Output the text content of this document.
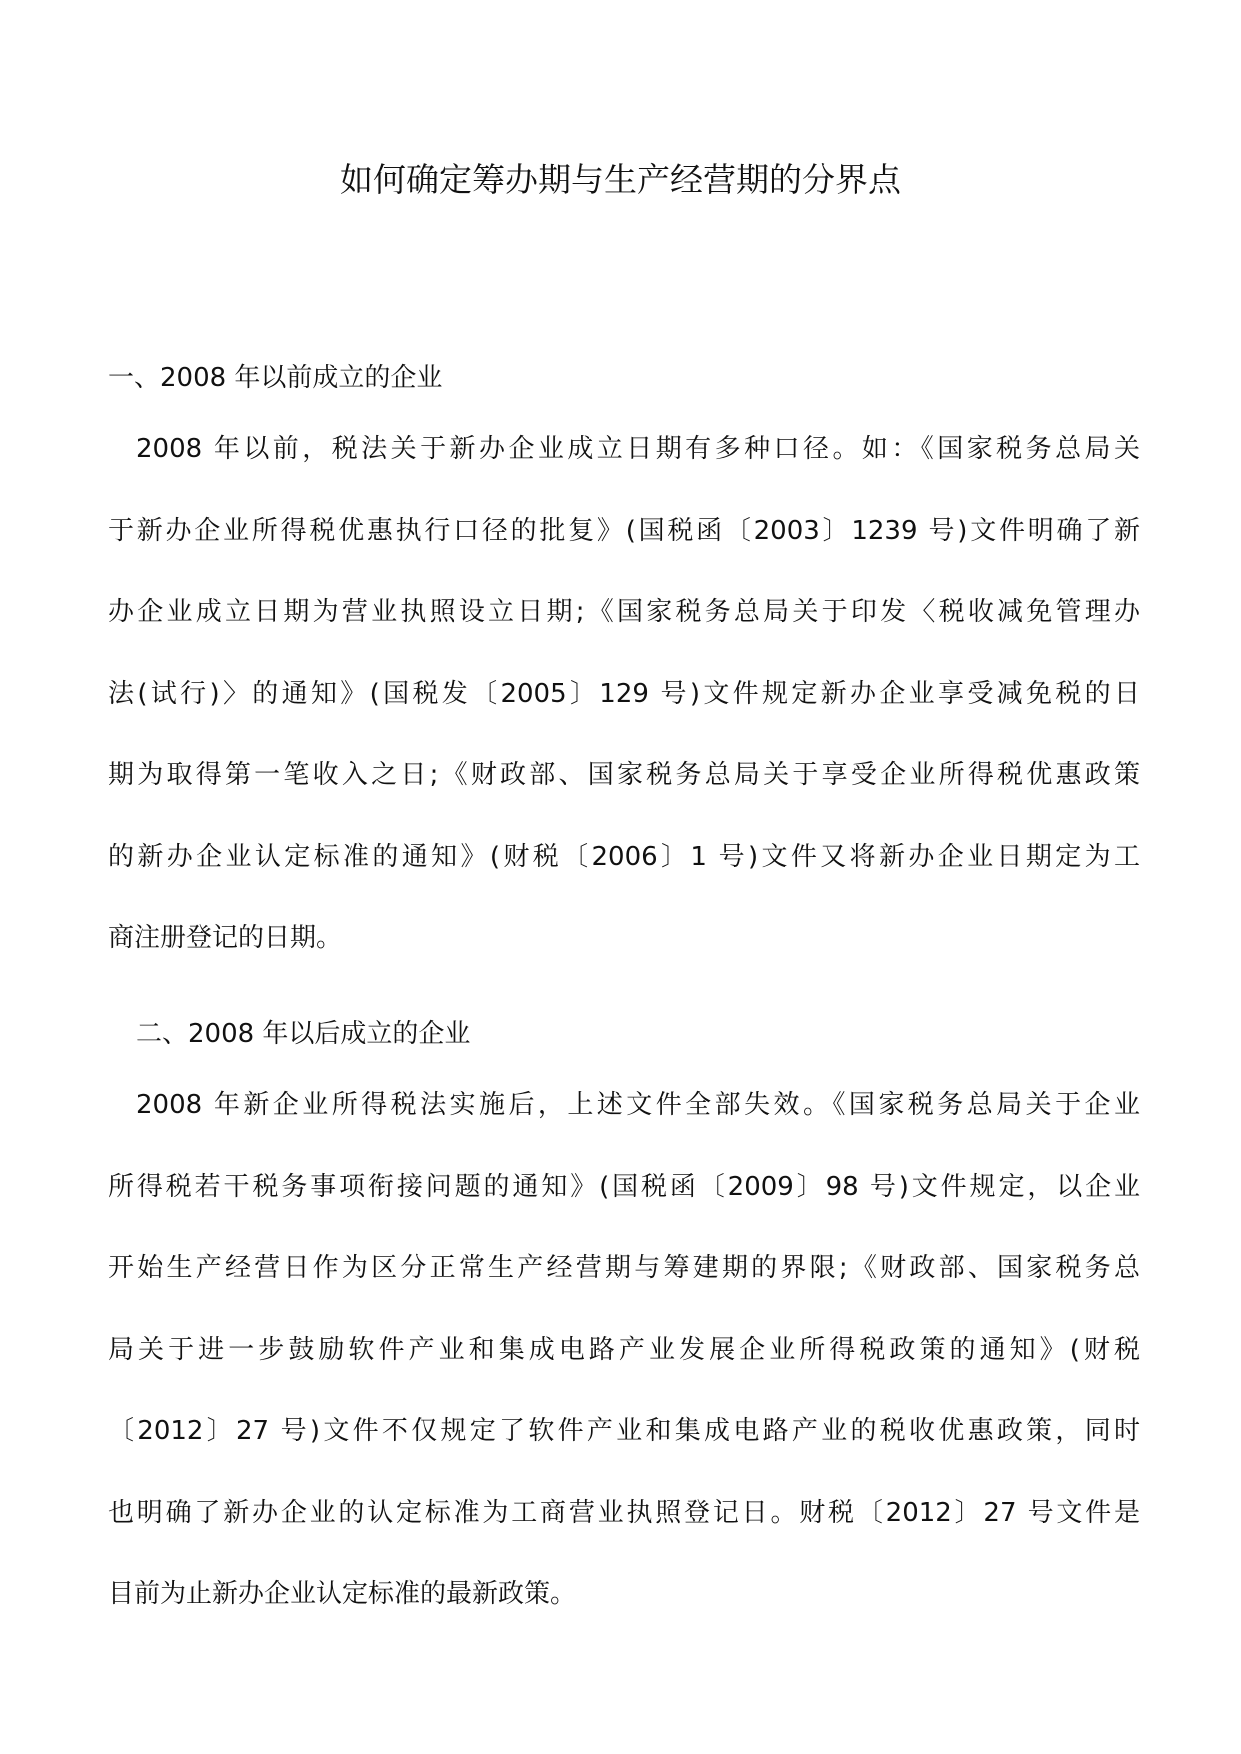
如何确定筹办期与生产经营期的分界点

一、2008 年以前成立的企业

2008 年以前，税法关于新办企业成立日期有多种口径。如：《国家税务总局关
于新办企业所得税优惠执行口径的批复》(国税函〔2003〕1239 号)文件明确了新
办企业成立日期为营业执照设立日期;《国家税务总局关于印发〈税收减免管理办
法(试行)〉的通知》(国税发〔2005〕129 号)文件规定新办企业享受减免税的日
期为取得第一笔收入之日;《财政部、国家税务总局关于享受企业所得税优惠政策
的新办企业认定标准的通知》(财税〔2006〕1 号)文件又将新办企业日期定为工
商注册登记的日期。

二、2008 年以后成立的企业

2008 年新企业所得税法实施后，上述文件全部失效。《国家税务总局关于企业
所得税若干税务事项衔接问题的通知》(国税函〔2009〕98 号)文件规定，以企业
开始生产经营日作为区分正常生产经营期与筹建期的界限;《财政部、国家税务总
局关于进一步鼓励软件产业和集成电路产业发展企业所得税政策的通知》(财税
〔2012〕27 号)文件不仅规定了软件产业和集成电路产业的税收优惠政策，同时
也明确了新办企业的认定标准为工商营业执照登记日。财税〔2012〕27 号文件是
目前为止新办企业认定标准的最新政策。
